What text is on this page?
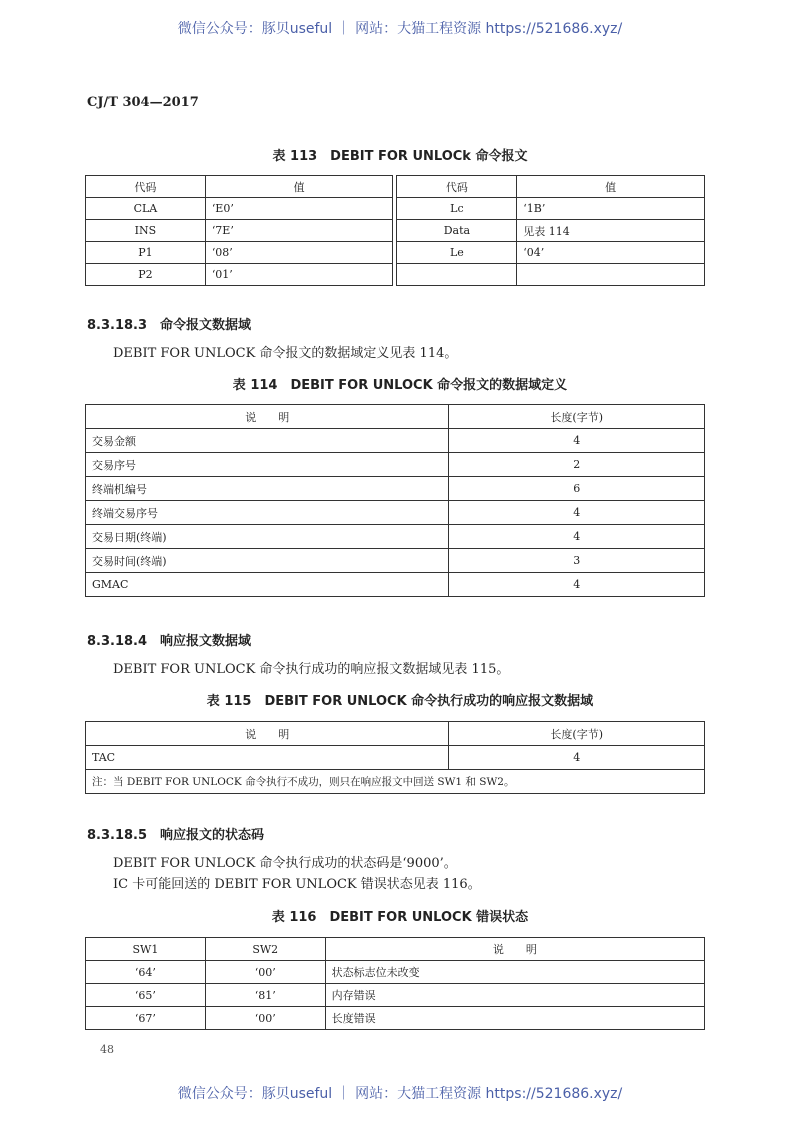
微信公众号：豚贝useful ｜ 网站：大猫工程资源 https://521686.xyz/
CJ/T 304—2017
表 113　DEBIT FOR UNLOCk 命令报文
代码	值		代码	值
CLA	‘E0’		Lc	‘1B’
INS	‘7E’		Data	见表 114
P1	‘08’		Le	‘04’
P2	‘01’			
8.3.18.3　命令报文数据域
DEBIT FOR UNLOCK 命令报文的数据域定义见表 114。
表 114　DEBIT FOR UNLOCK 命令报文的数据域定义
说　　明	长度(字节)
交易金额	4
交易序号	2
终端机编号	6
终端交易序号	4
交易日期(终端)	4
交易时间(终端)	3
GMAC	4
8.3.18.4　响应报文数据域
DEBIT FOR UNLOCK 命令执行成功的响应报文数据域见表 115。
表 115　DEBIT FOR UNLOCK 命令执行成功的响应报文数据域
说　　明	长度(字节)
TAC	4
注：当 DEBIT FOR UNLOCK 命令执行不成功，则只在响应报文中回送 SW1 和 SW2。	
8.3.18.5　响应报文的状态码
DEBIT FOR UNLOCK 命令执行成功的状态码是‘9000’。
IC 卡可能回送的 DEBIT FOR UNLOCK 错误状态见表 116。
表 116　DEBIT FOR UNLOCK 错误状态
SW1	SW2	说　　明
‘64’	‘00’	状态标志位未改变
‘65’	‘81’	内存错误
‘67’	‘00’	长度错误
48
微信公众号：豚贝useful ｜ 网站：大猫工程资源 https://521686.xyz/
